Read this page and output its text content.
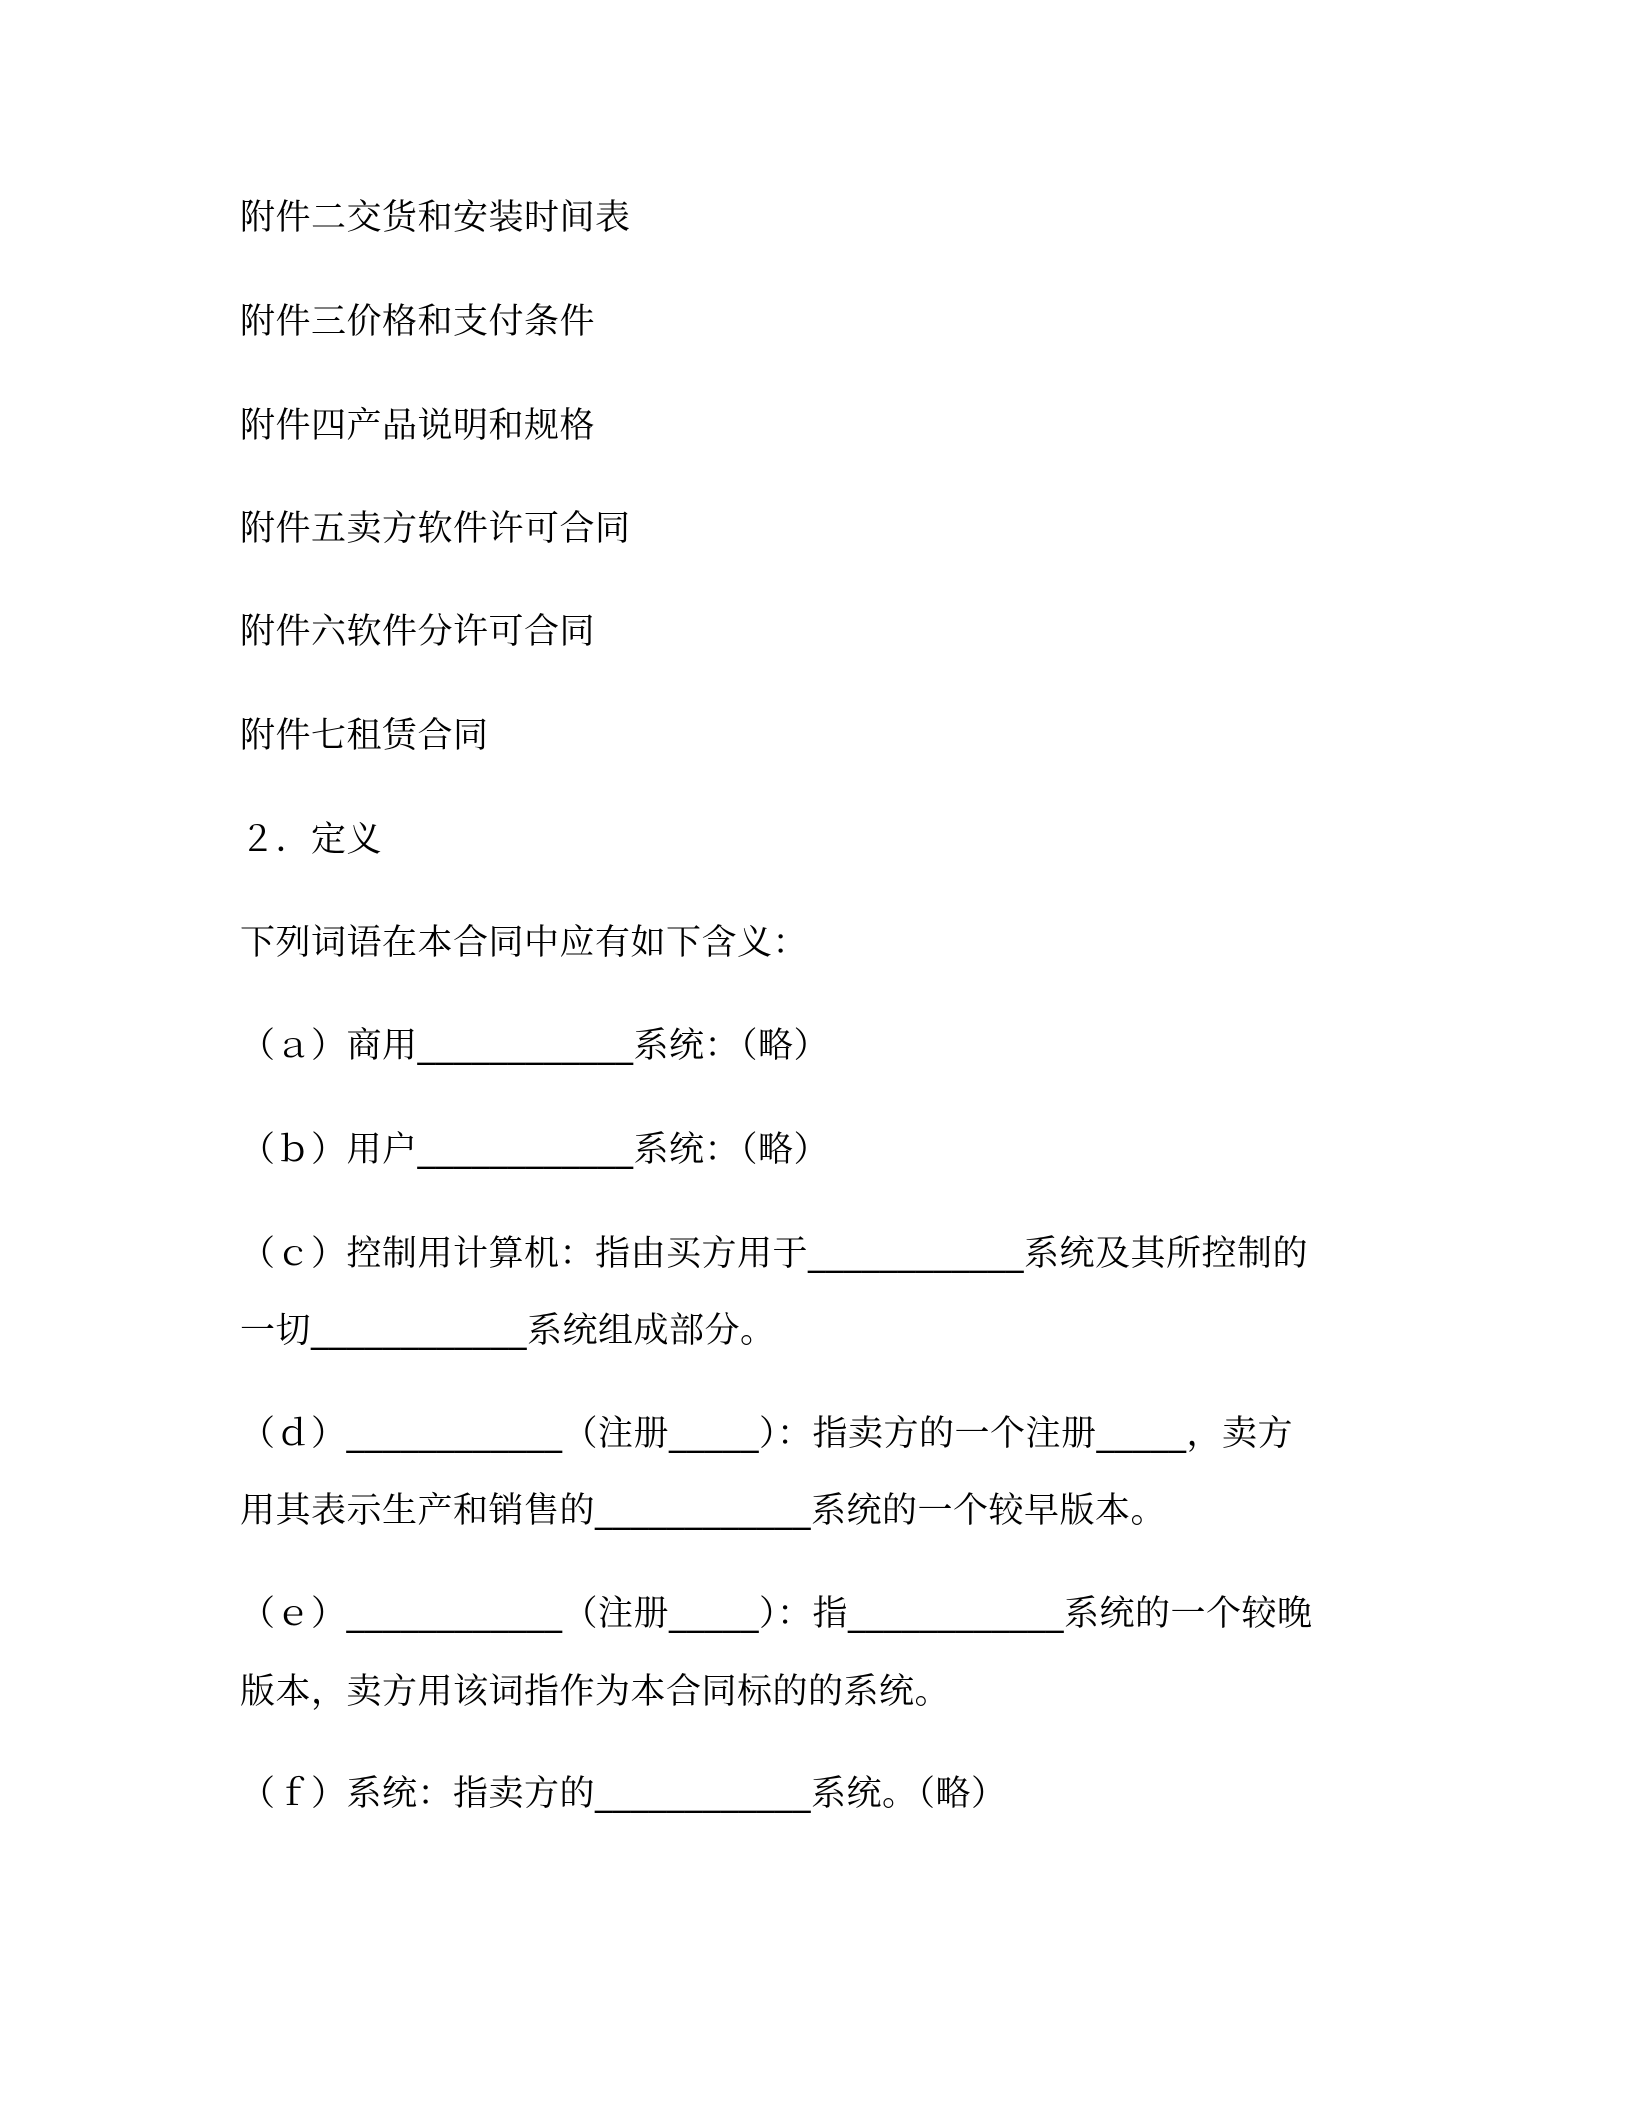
附件二交货和安装时间表
附件三价格和支付条件
附件四产品说明和规格
附件五卖方软件许可合同
附件六软件分许可合同
附件七租赁合同
２．定义
下列词语在本合同中应有如下含义：
（ａ）商用____________系统：（略）
（ｂ）用户____________系统：（略）
（ｃ）控制用计算机：指由买方用于____________系统及其所控制的
一切____________系统组成部分。
（ｄ）____________（注册_____）：指卖方的一个注册_____，卖方
用其表示生产和销售的____________系统的一个较早版本。
（ｅ）____________（注册_____）：指____________系统的一个较晚
版本，卖方用该词指作为本合同标的的系统。
（ｆ）系统：指卖方的____________系统。（略）
